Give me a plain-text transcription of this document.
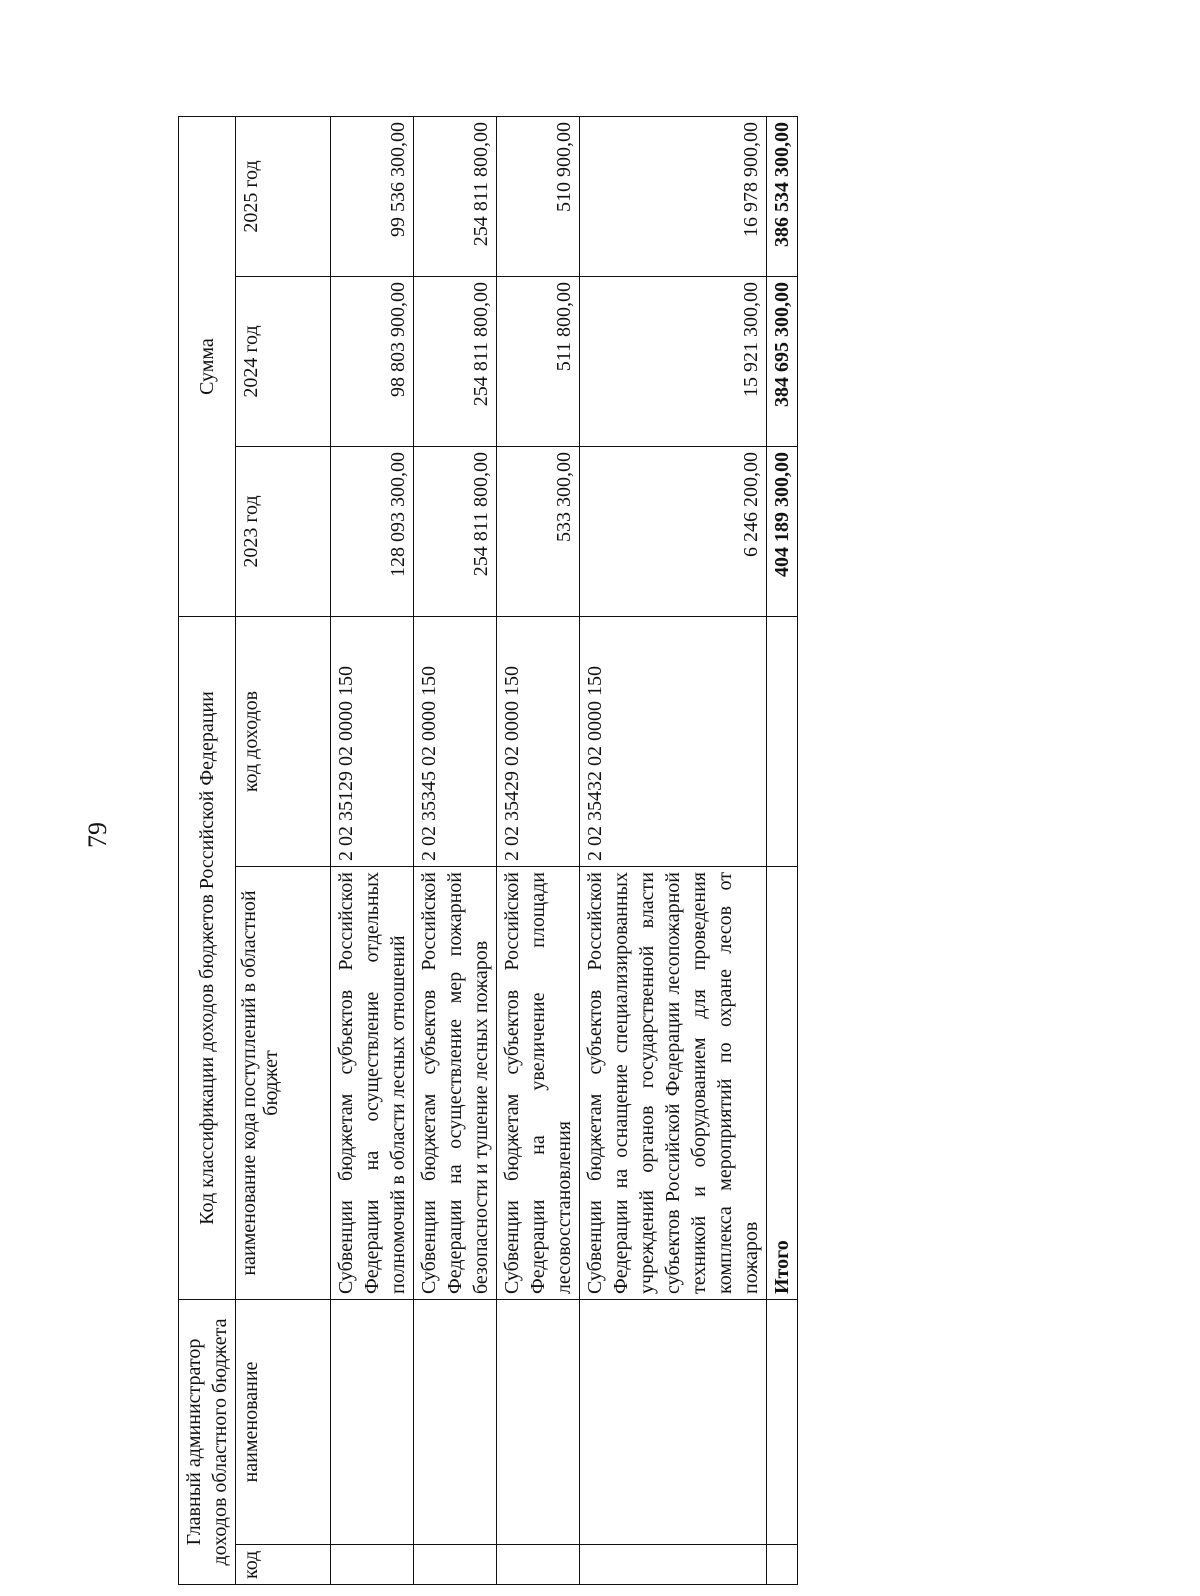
79
Главный администратор доходов областного бюджета		Код классификации доходов бюджетов Российской Федерации		Сумма		
код	наименование	наименование кода поступлений в областной бюджет	код доходов	2023 год	2024 год	2025 год
		Субвенции бюджетам субъектов Российской Федерации на осуществление отдельных полномочий в области лесных отношений	2 02 35129 02 0000 150	128 093 300,00	98 803 900,00	99 536 300,00
		Субвенции бюджетам субъектов Российской Федерации на осуществление мер пожарной безопасности и тушение лесных пожаров	2 02 35345 02 0000 150	254 811 800,00	254 811 800,00	254 811 800,00
		Субвенции бюджетам субъектов Российской Федерации на увеличение площади лесовосстановления	2 02 35429 02 0000 150	533 300,00	511 800,00	510 900,00
		Субвенции бюджетам субъектов Российской Федерации на оснащение специализированных учреждений органов государственной власти субъектов Российской Федерации лесопожарной техникой и оборудованием для проведения комплекса мероприятий по охране лесов от пожаров	2 02 35432 02 0000 150	6 246 200,00	15 921 300,00	16 978 900,00
		Итого		404 189 300,00	384 695 300,00	386 534 300,00
